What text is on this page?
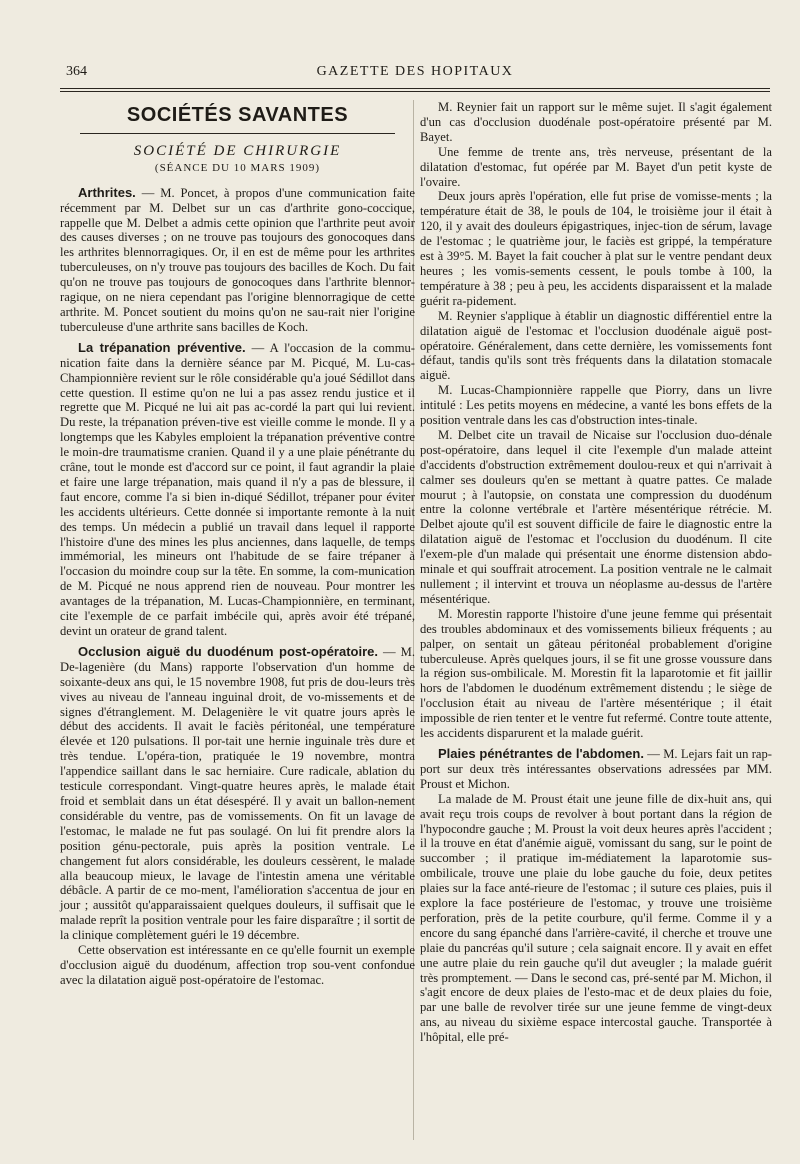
364	GAZETTE DES HOPITAUX
SOCIÉTÉS SAVANTES
SOCIÉTÉ DE CHIRURGIE
(SÉANCE DU 10 MARS 1909)

Arthrites. — M. Poncet, à propos d'une communication faite récemment par M. Delbet sur un cas d'arthrite gono-coccique, rappelle que M. Delbet a admis cette opinion que l'arthrite peut avoir des causes diverses ; on ne trouve pas toujours des gonocoques dans les arthrites blennorragiques. Or, il en est de même pour les arthrites tuberculeuses, on n'y trouve pas toujours des bacilles de Koch. Du fait qu'on ne trouve pas toujours de gonocoques dans l'arthrite blennor-ragique, on ne niera cependant pas l'origine blennorragique de cette arthrite. M. Poncet soutient du moins qu'on ne sau-rait nier l'origine tuberculeuse d'une arthrite sans bacilles de Koch.

La trépanation préventive. — A l'occasion de la commu-nication faite dans la dernière séance par M. Picqué, M. Lu-cas-Championnière revient sur le rôle considérable qu'a joué Sédillot dans cette question. Il estime qu'on ne lui a pas assez rendu justice et il regrette que M. Picqué ne lui ait pas ac-cordé la part qui lui revient. Du reste, la trépanation préven-tive est vieille comme le monde. Il y a longtemps que les Kabyles emploient la trépanation préventive contre le moin-dre traumatisme cranien. Quand il y a une plaie pénétrante du crâne, tout le monde est d'accord sur ce point, il faut agrandir la plaie et faire une large trépanation, mais quand il n'y a pas de blessure, il faut encore, comme l'a si bien in-diqué Sédillot, trépaner pour éviter les accidents ultérieurs. Cette donnée si importante remonte à la nuit des temps. Un médecin a publié un travail dans lequel il rapporte l'histoire d'une des mines les plus anciennes, dans laquelle, de temps immémorial, les mineurs ont l'habitude de se faire trépaner à l'occasion du moindre coup sur la tête. En somme, la com-munication de M. Picqué ne nous apprend rien de nouveau. Pour montrer les avantages de la trépanation, M. Lucas-Championnière, en terminant, cite l'exemple de ce parfait imbécile qui, après avoir été trépané, devint un orateur de grand talent.

Occlusion aiguë du duodénum post-opératoire. — M. De-lagenière (du Mans) rapporte l'observation d'un homme de soixante-deux ans qui, le 15 novembre 1908, fut pris de dou-leurs très vives au niveau de l'anneau inguinal droit, de vo-missements et de signes d'étranglement. M. Delagenière le vit quatre jours après le début des accidents. Il avait le faciès péritonéal, une température élevée et 120 pulsations. Il por-tait une hernie inguinale très dure et très tendue. L'opéra-tion, pratiquée le 19 novembre, montra l'appendice saillant dans le sac herniaire. Cure radicale, ablation du testicule correspondant. Vingt-quatre heures après, le malade était froid et semblait dans un état désespéré. Il y avait un ballon-nement considérable du ventre, pas de vomissements. On fit un lavage de l'estomac, le malade ne fut pas soulagé. On lui fit prendre alors la position génu-pectorale, puis après la position ventrale. Le changement fut alors considérable, les douleurs cessèrent, le malade alla beaucoup mieux, le lavage de l'intestin amena une véritable débâcle. A partir de ce mo-ment, l'amélioration s'accentua de jour en jour ; aussitôt qu'apparaissaient quelques douleurs, il suffisait que le malade reprît la position ventrale pour les faire disparaître ; il sortit de la clinique complètement guéri le 19 décembre.

Cette observation est intéressante en ce qu'elle fournit un exemple d'occlusion aiguë du duodénum, affection trop sou-vent confondue avec la dilatation aiguë post-opératoire de l'estomac.

M. Reynier fait un rapport sur le même sujet. Il s'agit également d'un cas d'occlusion duodénale post-opératoire présenté par M. Bayet.

Une femme de trente ans, très nerveuse, présentant de la dilatation d'estomac, fut opérée par M. Bayet d'un petit kyste de l'ovaire.

Deux jours après l'opération, elle fut prise de vomisse-ments ; la température était de 38, le pouls de 104, le troisième jour il était à 120, il y avait des douleurs épigastriques, injec-tion de sérum, lavage de l'estomac ; le quatrième jour, le faciès est grippé, la température est à 39°5. M. Bayet la fait coucher à plat sur le ventre pendant deux heures ; les vomis-sements cessent, le pouls tombe à 100, la température à 38 ; peu à peu, les accidents disparaissent et la malade guérit ra-pidement.

M. Reynier s'applique à établir un diagnostic différentiel entre la dilatation aiguë de l'estomac et l'occlusion duodénale aiguë post-opératoire. Généralement, dans cette dernière, les vomissements font défaut, tandis qu'ils sont très fréquents dans la dilatation stomacale aiguë.

M. Lucas-Championnière rappelle que Piorry, dans un livre intitulé : Les petits moyens en médecine, a vanté les bons effets de la position ventrale dans les cas d'obstruction intes-tinale.

M. Delbet cite un travail de Nicaise sur l'occlusion duo-dénale post-opératoire, dans lequel il cite l'exemple d'un malade atteint d'accidents d'obstruction extrêmement doulou-reux et qui n'arrivait à calmer ses douleurs qu'en se mettant à quatre pattes. Ce malade mourut ; à l'autopsie, on constata une compression du duodénum entre la colonne vertébrale et l'artère mésentérique rétrécie. M. Delbet ajoute qu'il est souvent difficile de faire le diagnostic entre la dilatation aiguë de l'estomac et l'occlusion du duodénum. Il cite l'exem-ple d'un malade qui présentait une énorme distension abdo-minale et qui souffrait atrocement. La position ventrale ne le calmait nullement ; il intervint et trouva un néoplasme au-dessus de l'artère mésentérique.

M. Morestin rapporte l'histoire d'une jeune femme qui présentait des troubles abdominaux et des vomissements bilieux fréquents ; au palper, on sentait un gâteau péritonéal probablement d'origine tuberculeuse. Après quelques jours, il se fit une grosse voussure dans la région sus-ombilicale. M. Morestin fit la laparotomie et fit jaillir hors de l'abdomen le duodénum extrêmement distendu ; le siège de l'occlusion était au niveau de l'artère mésentérique ; il était impossible de rien tenter et le ventre fut refermé. Contre toute attente, les accidents disparurent et la malade guérit.

Plaies pénétrantes de l'abdomen. — M. Lejars fait un rap-port sur deux très intéressantes observations adressées par MM. Proust et Michon.

La malade de M. Proust était une jeune fille de dix-huit ans, qui avait reçu trois coups de revolver à bout portant dans la région de l'hypocondre gauche ; M. Proust la voit deux heures après l'accident ; il la trouve en état d'anémie aiguë, vomissant du sang, sur le point de succomber ; il pratique im-médiatement la laparotomie sus-ombilicale, trouve une plaie du lobe gauche du foie, deux petites plaies sur la face anté-rieure de l'estomac ; il suture ces plaies, puis il explore la face postérieure de l'estomac, y trouve une troisième perforation, près de la petite courbure, qu'il ferme. Comme il y a encore du sang épanché dans l'arrière-cavité, il cherche et trouve une plaie du pancréas qu'il suture ; cela saignait encore. Il y avait en effet une autre plaie du rein gauche qu'il dut aveugler ; la malade guérit très promptement. — Dans le second cas, pré-senté par M. Michon, il s'agit encore de deux plaies de l'esto-mac et de deux plaies du foie, par une balle de revolver tirée sur une jeune femme de vingt-deux ans, au niveau du sixième espace intercostal gauche. Transportée à l'hôpital, elle pré-
